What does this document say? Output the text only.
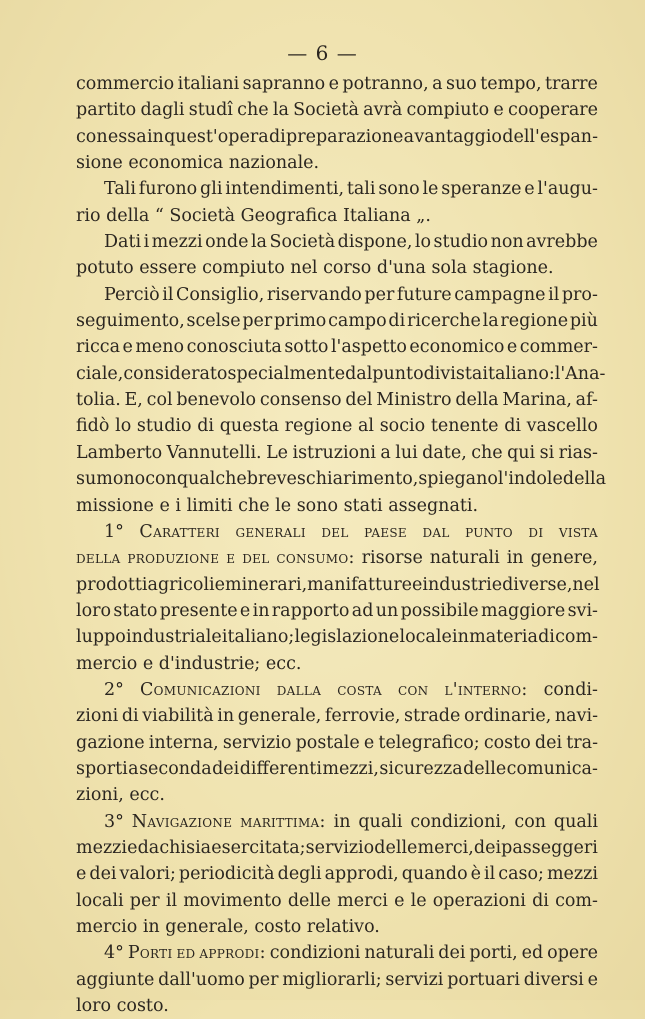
— 6 —
commercio italiani sapranno e potranno, a suo tempo, trarre
partito dagli studî che la Società avrà compiuto e cooperare
con essa in quest'opera di preparazione a vantaggio dell'espan-
sione economica nazionale.
Tali furono gli intendimenti, tali sono le speranze e l'augu-
rio della “ Società Geografica Italiana „.
Dati i mezzi onde la Società dispone, lo studio non avrebbe
potuto essere compiuto nel corso d'una sola stagione.
Perciò il Consiglio, riservando per future campagne il pro-
seguimento, scelse per primo campo di ricerche la regione più
ricca e meno conosciuta sotto l'aspetto economico e commer-
ciale, considerato specialmente dal punto di vista italiano: l'Ana-
tolia. E, col benevolo consenso del Ministro della Marina, af-
fidò lo studio di questa regione al socio tenente di vascello
Lamberto Vannutelli. Le istruzioni a lui date, che qui si rias-
sumono con qualche breve schiarimento, spiegano l'indole della
missione e i limiti che le sono stati assegnati.
1° Caratteri generali del paese dal punto di vista
della produzione e del consumo: risorse naturali in genere,
prodotti agricoli e minerari, manifatture e industrie diverse, nel
loro stato presente e in rapporto ad un possibile maggiore svi-
luppo industriale italiano; legislazione locale in materia di com-
mercio e d'industrie; ecc.
2° Comunicazioni dalla costa con l'interno: condi-
zioni di viabilità in generale, ferrovie, strade ordinarie, navi-
gazione interna, servizio postale e telegrafico; costo dei tra-
sporti a seconda dei differenti mezzi, sicurezza delle comunica-
zioni, ecc.
3° Navigazione marittima: in quali condizioni, con quali
mezzi e da chi sia esercitata; servizio delle merci, dei passeggeri
e dei valori; periodicità degli approdi, quando è il caso; mezzi
locali per il movimento delle merci e le operazioni di com-
mercio in generale, costo relativo.
4° Porti ed approdi: condizioni naturali dei porti, ed opere
aggiunte dall'uomo per migliorarli; servizi portuari diversi e
loro costo.
